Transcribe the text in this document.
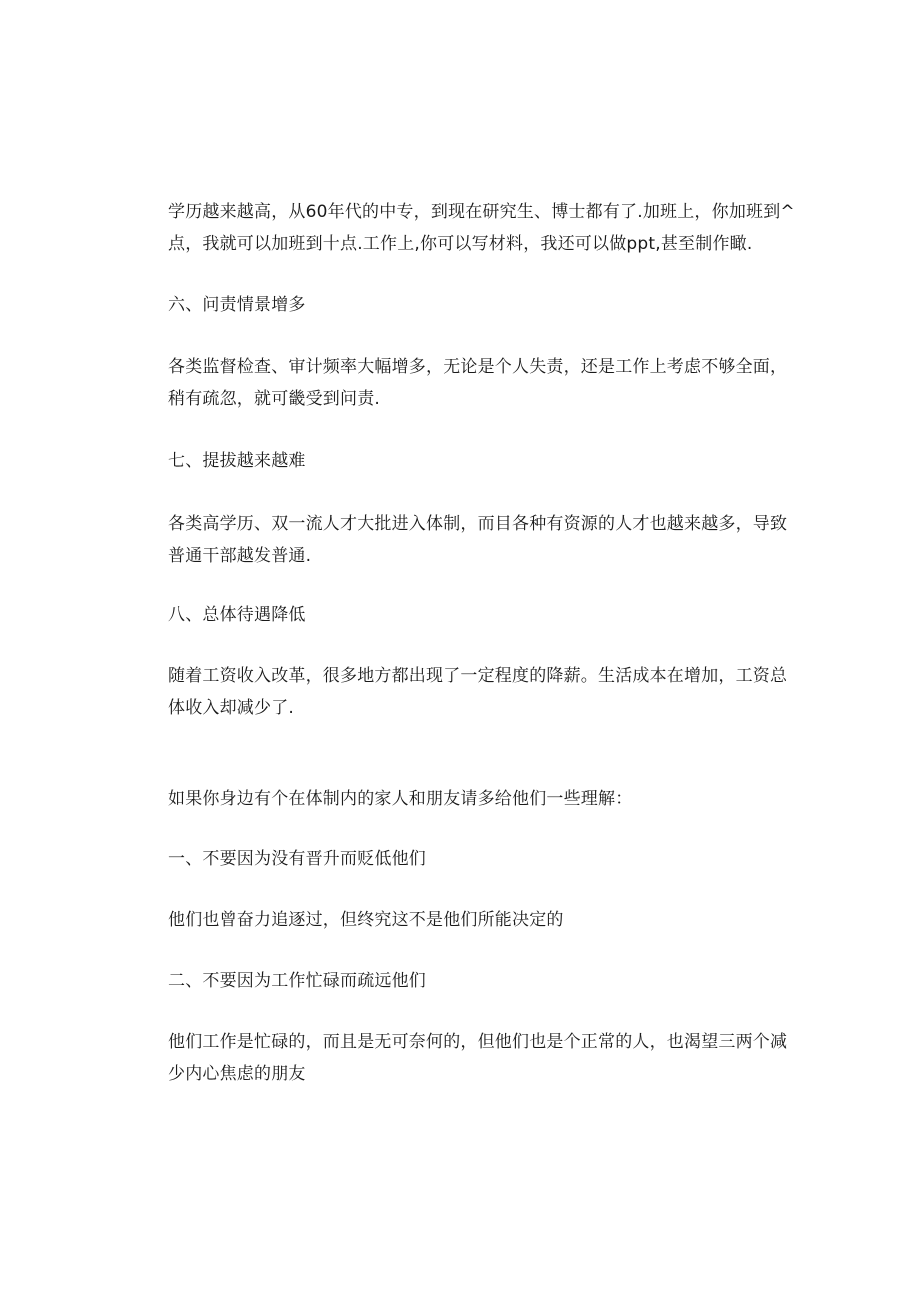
学历越来越高，从60年代的中专，到现在研究生、博士都有了.加班上，你加班到^
点，我就可以加班到十点.工作上,你可以写材料，我还可以做ppt,甚至制作瞰.
六、问责情景增多
各类监督检查、审计频率大幅增多，无论是个人失责，还是工作上考虑不够全面，
稍有疏忽，就可畿受到问责.
七、提拔越来越难
各类高学历、双一流人才大批进入体制，而目各种有资源的人才也越来越多，导致
普通干部越发普通.
八、总体待遇降低
随着工资收入改革，很多地方都出现了一定程度的降薪。生活成本在增加，工资总
体收入却减少了.
如果你身边有个在体制内的家人和朋友请多给他们一些理解：
一、不要因为没有晋升而贬低他们
他们也曾奋力追逐过，但终究这不是他们所能决定的
二、不要因为工作忙碌而疏远他们
他们工作是忙碌的，而且是无可奈何的，但他们也是个正常的人，也渴望三两个减
少内心焦虑的朋友
